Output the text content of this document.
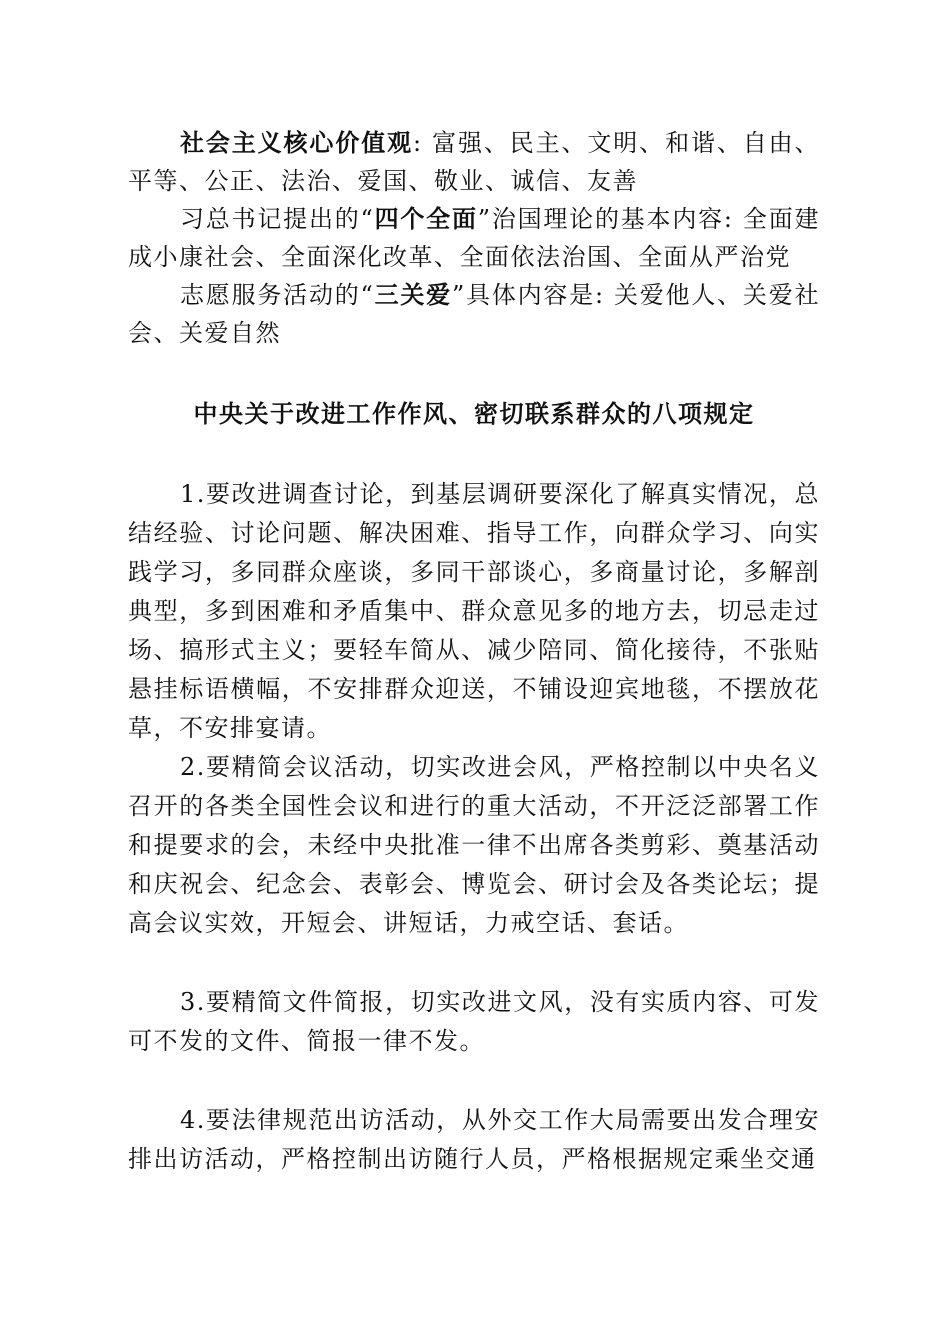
社会主义核心价值观: 富强、民主、文明、和谐、自由、平等、公正、法治、爱国、敬业、诚信、友善

习总书记提出的“四个全面”治国理论的基本内容: 全面建成小康社会、全面深化改革、全面依法治国、全面从严治党

志愿服务活动的“三关爱”具体内容是: 关爱他人、关爱社会、关爱自然

中央关于改进工作作风、密切联系群众的八项规定

1.要改进调查讨论，到基层调研要深化了解真实情况，总结经验、讨论问题、解决困难、指导工作，向群众学习、向实践学习，多同群众座谈，多同干部谈心，多商量讨论，多解剖典型，多到困难和矛盾集中、群众意见多的地方去，切忌走过场、搞形式主义；要轻车简从、减少陪同、简化接待，不张贴悬挂标语横幅，不安排群众迎送，不铺设迎宾地毯，不摆放花草，不安排宴请。

2.要精简会议活动，切实改进会风，严格控制以中央名义召开的各类全国性会议和进行的重大活动，不开泛泛部署工作和提要求的会，未经中央批准一律不出席各类剪彩、奠基活动和庆祝会、纪念会、表彰会、博览会、研讨会及各类论坛；提高会议实效，开短会、讲短话，力戒空话、套话。

3.要精简文件简报，切实改进文风，没有实质内容、可发可不发的文件、简报一律不发。

4.要法律规范出访活动，从外交工作大局需要出发合理安排出访活动，严格控制出访随行人员，严格根据规定乘坐交通
